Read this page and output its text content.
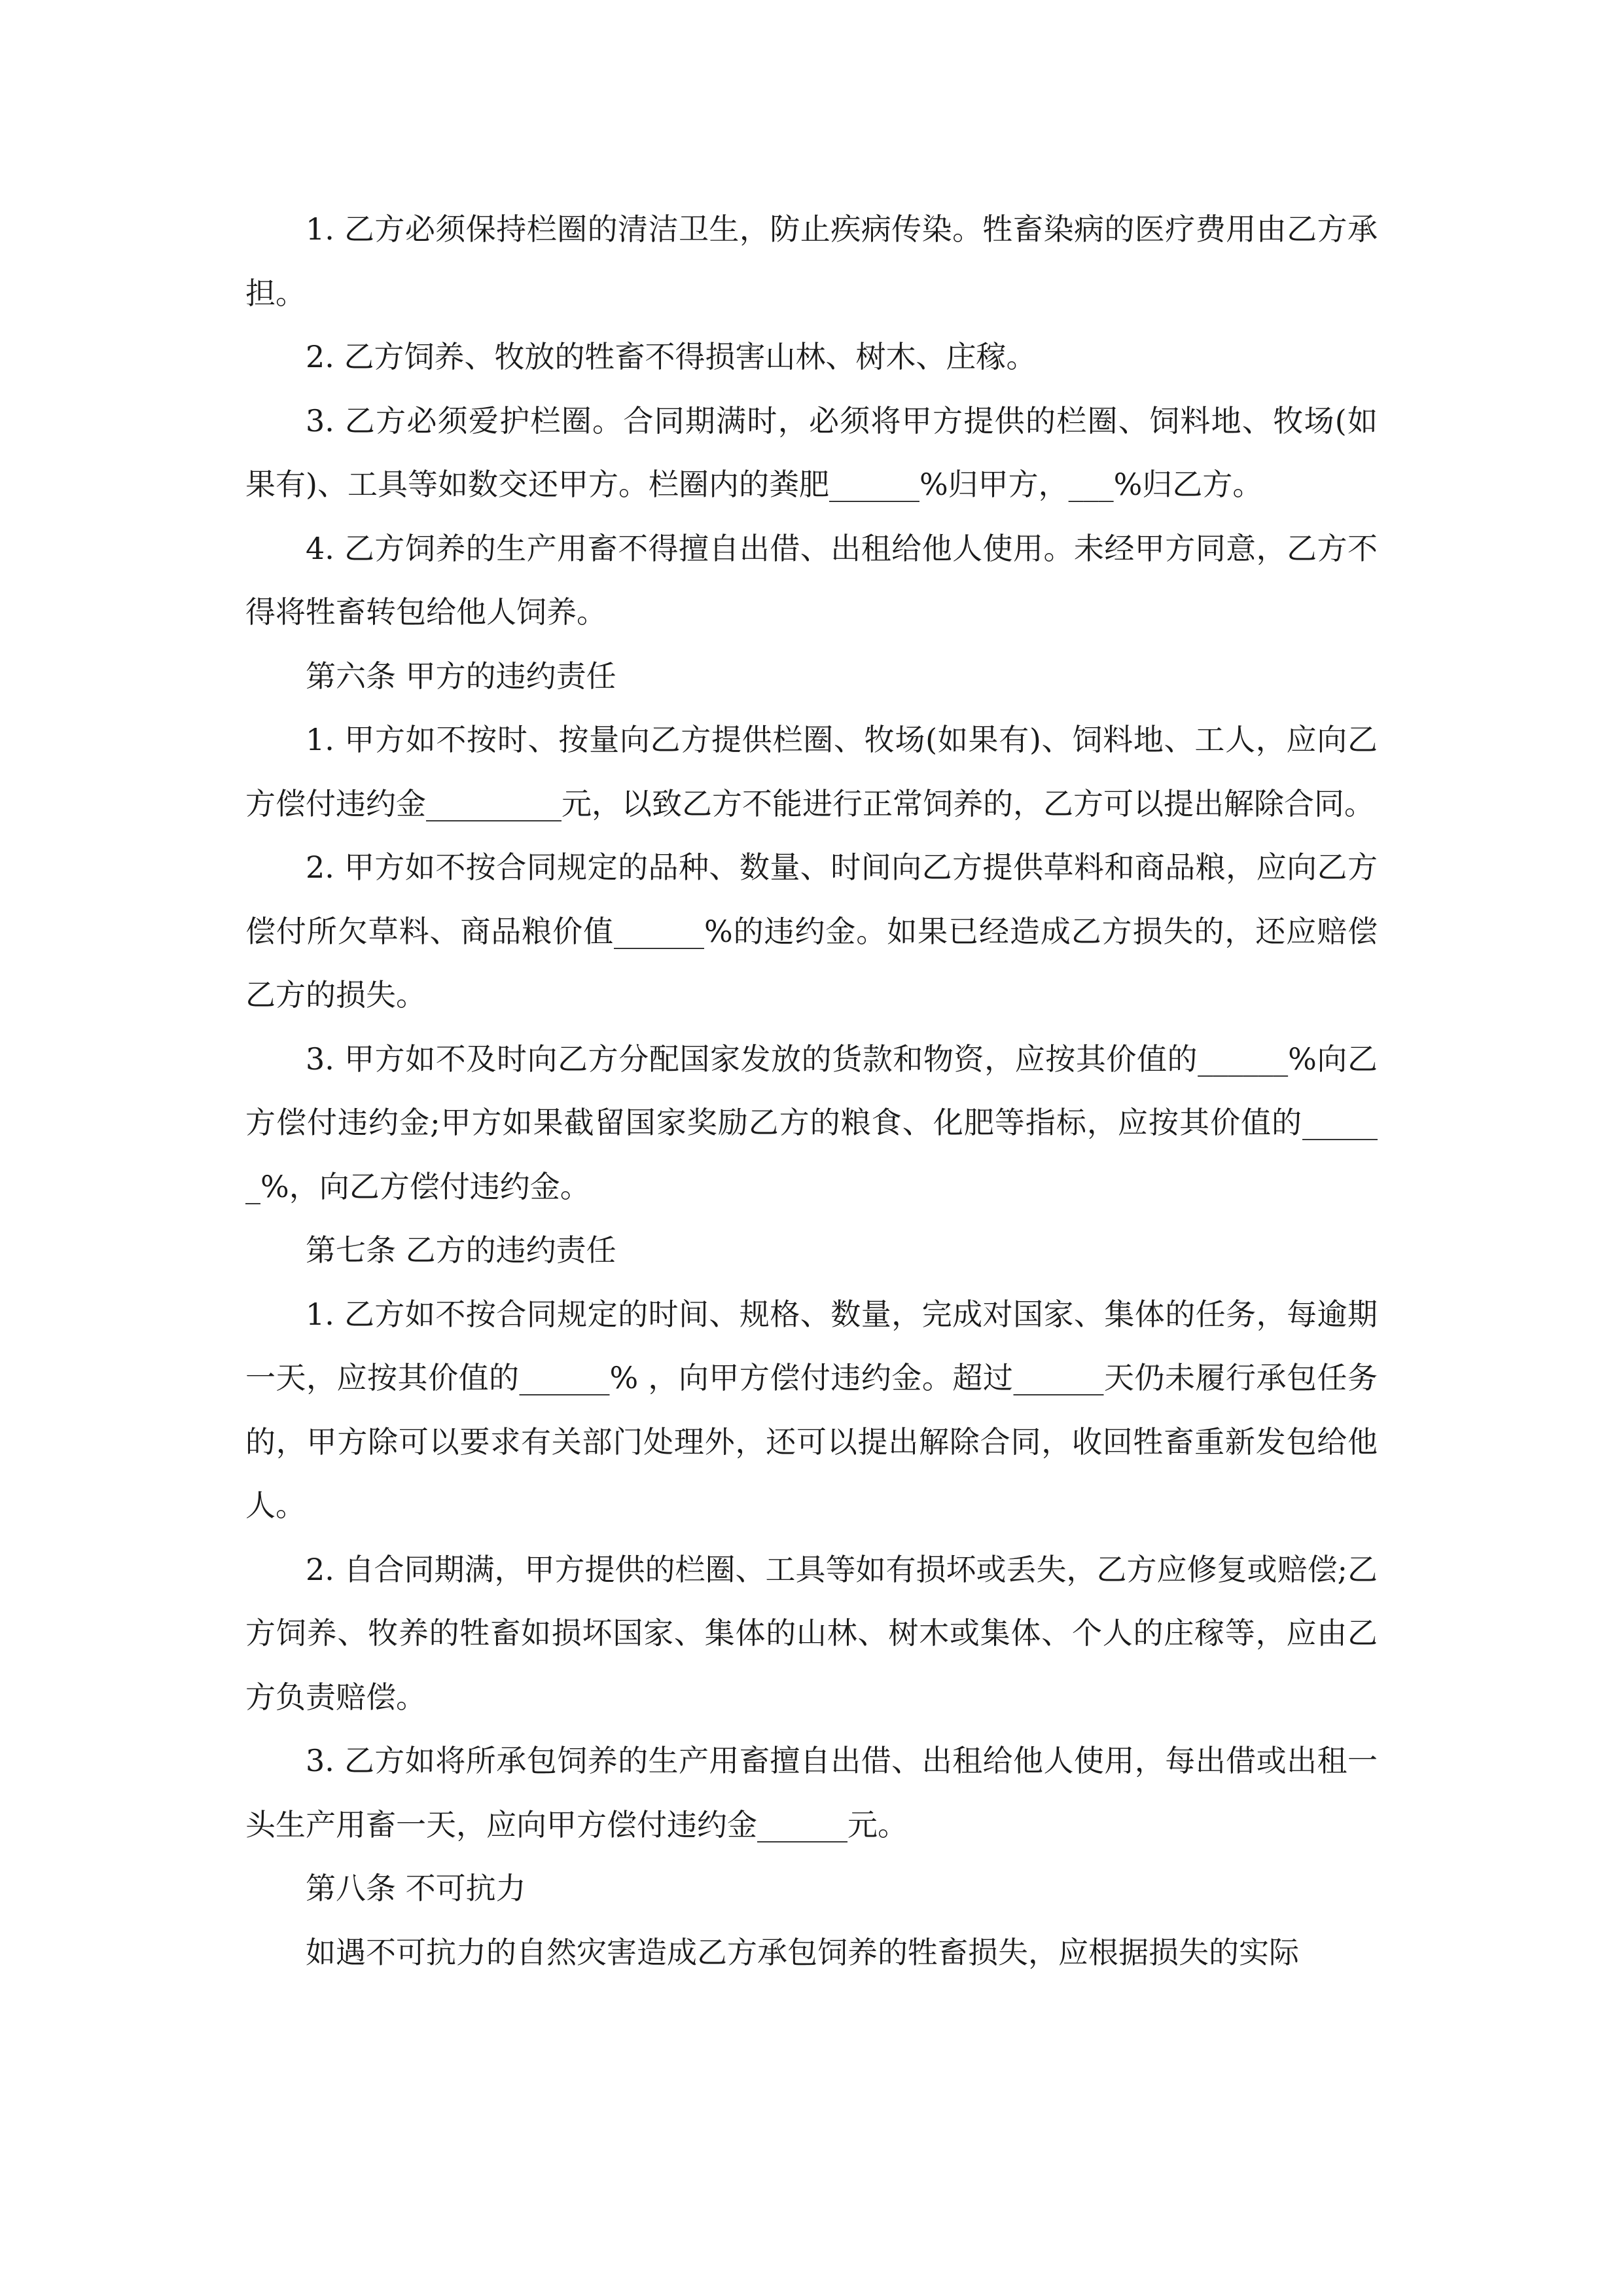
1. 乙方必须保持栏圈的清洁卫生，防止疾病传染。牲畜染病的医疗费用由乙方承担。

2. 乙方饲养、牧放的牲畜不得损害山林、树木、庄稼。

3. 乙方必须爱护栏圈。合同期满时，必须将甲方提供的栏圈、饲料地、牧场(如果有)、工具等如数交还甲方。栏圈内的粪肥______%归甲方，___%归乙方。

4. 乙方饲养的生产用畜不得擅自出借、出租给他人使用。未经甲方同意，乙方不得将牲畜转包给他人饲养。

第六条 甲方的违约责任

1. 甲方如不按时、按量向乙方提供栏圈、牧场(如果有)、饲料地、工人，应向乙方偿付违约金_________元，以致乙方不能进行正常饲养的，乙方可以提出解除合同。

2. 甲方如不按合同规定的品种、数量、时间向乙方提供草料和商品粮，应向乙方偿付所欠草料、商品粮价值______%的违约金。如果已经造成乙方损失的，还应赔偿乙方的损失。

3. 甲方如不及时向乙方分配国家发放的货款和物资，应按其价值的______%向乙方偿付违约金;甲方如果截留国家奖励乙方的粮食、化肥等指标，应按其价值的______%，向乙方偿付违约金。

第七条 乙方的违约责任

1. 乙方如不按合同规定的时间、规格、数量，完成对国家、集体的任务，每逾期一天，应按其价值的______% ，向甲方偿付违约金。超过______天仍未履行承包任务的，甲方除可以要求有关部门处理外，还可以提出解除合同，收回牲畜重新发包给他人。

2. 自合同期满，甲方提供的栏圈、工具等如有损坏或丢失，乙方应修复或赔偿;乙方饲养、牧养的牲畜如损坏国家、集体的山林、树木或集体、个人的庄稼等，应由乙方负责赔偿。

3. 乙方如将所承包饲养的生产用畜擅自出借、出租给他人使用，每出借或出租一头生产用畜一天，应向甲方偿付违约金______元。

第八条 不可抗力

如遇不可抗力的自然灾害造成乙方承包饲养的牲畜损失，应根据损失的实际
